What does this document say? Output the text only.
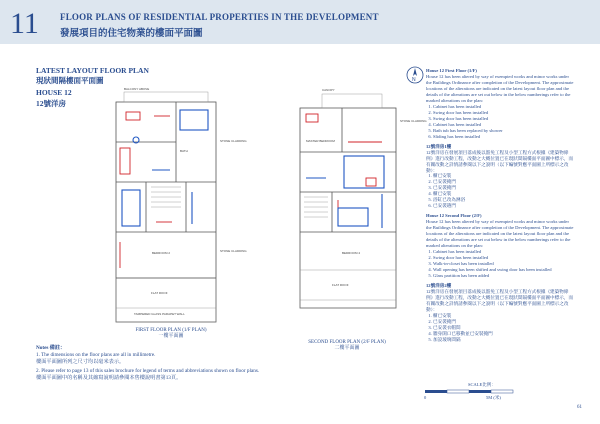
11 FLOOR PLANS OF RESIDENTIAL PROPERTIES IN THE DEVELOPMENT
發展項目的住宅物業的樓面平面圖
LATEST LAYOUT FLOOR PLAN
現狀間隔樓面平面圖
HOUSE 12
12號洋房
BALCONY ABOVE
BATH
BEDROOM 2
FLAT ROOF
TAMPERED GLASS PARAPET WALL
STONE CLADDING
STONE CLADDING
FIRST FLOOR PLAN (1/F PLAN)
一樓平面圖
CANOPY
MASTER BEDROOM
BEDROOM 4
FLAT ROOF
STONE CLADDING
SECOND FLOOR PLAN (2/F PLAN)
二樓平面圖
N

House 12 First Floor (1/F)

House 12 has been altered by way of exempted works and minor works under the Buildings Ordinance after completion of the Development. The approximate locations of the alterations are indicated on the latest layout floor plan and the details of the alterations are set out below in the below numberings refer to the marked alterations on the plan:

1. Cabinet has been installed
2. Swing door has been installed
3. Swing door has been installed
4. Cabinet has been installed
5. Bath tub has been replaced by shower
6. Sliding has been installed

12號洋房1樓

12號洋房在發展項目落成後以豁免工程及小型工程方式根據《建築物條例》進行改動工程，改動之大概位置已在現狀間隔樓面平面圖中標示，而有關改動之詳情請參閱以下之說明（以下編號對應平面圖上所標示之改動）：

1. 櫃已安裝
2. 已安裝掩門
3. 已安裝掩門
4. 櫃已安裝
5. 浴缸已改為淋浴
6. 已安裝趟門

House 12 Second Floor (2/F)

House 12 has been altered by way of exempted works and minor works under the Buildings Ordinance after completion of the Development. The approximate locations of the alterations are indicated on the latest layout floor plan and the details of the alterations are set out below in the below numberings refer to the marked alterations on the plan:

1. Cabinet has been installed
2. Swing door has been installed
3. Walk-in-closet has been installed
4. Wall opening has been shifted and swing door has been installed
5. Glass partition has been added

12號洋房2樓

12號洋房在發展項目落成後以豁免工程及小型工程方式根據《建築物條例》進行改動工程，改動之大概位置已在現狀間隔樓面平面圖中標示，而有關改動之詳情請參閱以下之說明（以下編號對應平面圖上所標示之改動）：

1. 櫃已安裝
2. 已安裝掩門
3. 已安裝衣帽間
4. 牆身開口已移動並已安裝掩門
5. 加設玻璃間隔

Notes 備註：

1. The dimensions on the floor plans are all in millimetre.

樓面平面圖所列之尺寸均以毫米表示。

2. Please refer to page 13 of this sales brochure for legend of terms and abbreviations shown on floor plans.

樓面平面圖中的名稱及其縮寫說明請參閱本售樓說明書第13頁。

SCALE比例：
0	5M (米)
61
